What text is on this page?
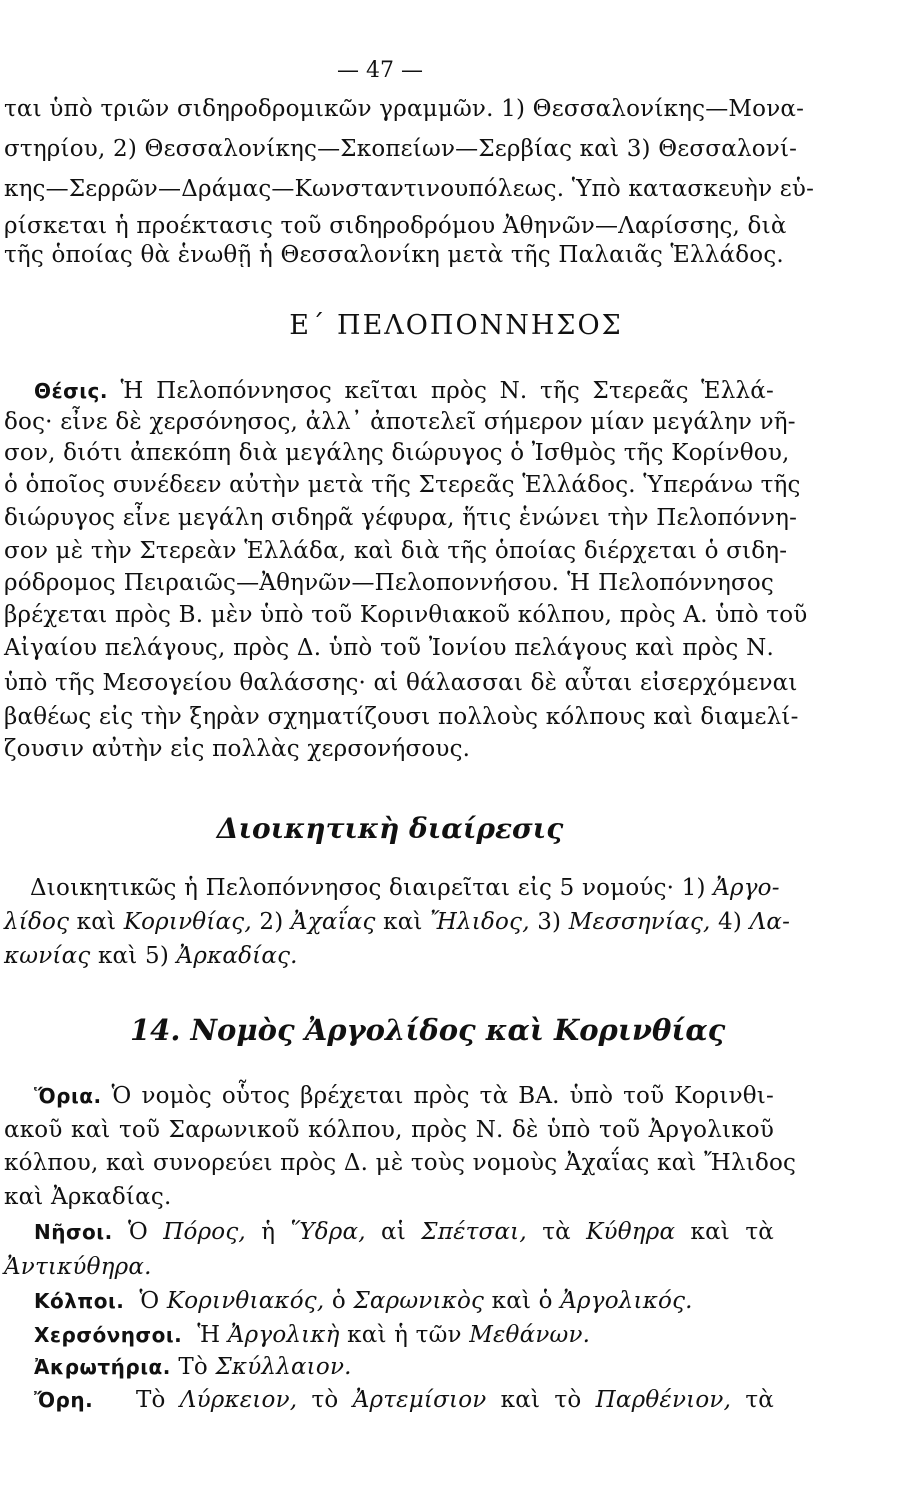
— 47 —
ται ὑπὸ τριῶν σιδηροδρομικῶν γραμμῶν. 1) Θεσσαλονίκης—Μονα-
στηρίου, 2) Θεσσαλονίκης—Σκοπείων—Σερβίας καὶ 3) Θεσσαλονί-
κης—Σερρῶν—Δράμας—Κωνσταντινουπόλεως. Ὑπὸ κατασκευὴν εὑ-
ρίσκεται ἡ προέκτασις τοῦ σιδηροδρόμου Ἀθηνῶν—Λαρίσσης, διὰ
τῆς ὁποίας θὰ ἑνωθῇ ἡ Θεσσαλονίκη μετὰ τῆς Παλαιᾶς Ἑλλάδος.
Ε΄ ΠΕΛΟΠΟΝΝΗΣΟΣ
Θέσις. Ἡ Πελοπόννησος κεῖται πρὸς Ν. τῆς Στερεᾶς Ἑλλά-
δος· εἶνε δὲ χερσόνησος, ἀλλ᾽ ἀποτελεῖ σήμερον μίαν μεγάλην νῆ-
σον, διότι ἀπεκόπη διὰ μεγάλης διώρυγος ὁ Ἰσθμὸς τῆς Κορίνθου,
ὁ ὁποῖος συνέδεεν αὐτὴν μετὰ τῆς Στερεᾶς Ἑλλάδος. Ὑπεράνω τῆς
διώρυγος εἶνε μεγάλη σιδηρᾶ γέφυρα, ἥτις ἑνώνει τὴν Πελοπόννη-
σον μὲ τὴν Στερεὰν Ἑλλάδα, καὶ διὰ τῆς ὁποίας διέρχεται ὁ σιδη-
ρόδρομος Πειραιῶς—Ἀθηνῶν—Πελοποννήσου. Ἡ Πελοπόννησος
βρέχεται πρὸς Β. μὲν ὑπὸ τοῦ Κορινθιακοῦ κόλπου, πρὸς Α. ὑπὸ τοῦ
Αἰγαίου πελάγους, πρὸς Δ. ὑπὸ τοῦ Ἰονίου πελάγους καὶ πρὸς Ν.
ὑπὸ τῆς Μεσογείου θαλάσσης· αἱ θάλασσαι δὲ αὗται εἰσερχόμεναι
βαθέως εἰς τὴν ξηρὰν σχηματίζουσι πολλοὺς κόλπους καὶ διαμελί-
ζουσιν αὐτὴν εἰς πολλὰς χερσονήσους.
Διοικητικὴ διαίρεσις
Διοικητικῶς ἡ Πελοπόννησος διαιρεῖται εἰς 5 νομούς· 1) Ἀργο-
λίδος καὶ Κορινθίας, 2) Ἀχαΐας καὶ Ἤλιδος, 3) Μεσσηνίας, 4) Λα-
κωνίας καὶ 5) Ἀρκαδίας.
14. Νομὸς Ἀργολίδος καὶ Κορινθίας
Ὅρια. Ὁ νομὸς οὗτος βρέχεται πρὸς τὰ ΒΑ. ὑπὸ τοῦ Κορινθι-
ακοῦ καὶ τοῦ Σαρωνικοῦ κόλπου, πρὸς Ν. δὲ ὑπὸ τοῦ Ἀργολικοῦ
κόλπου, καὶ συνορεύει πρὸς Δ. μὲ τοὺς νομοὺς Ἀχαΐας καὶ Ἤλιδος
καὶ Ἀρκαδίας.
Νῆσοι. Ὁ Πόρος, ἡ Ὕδρα, αἱ Σπέτσαι, τὰ Κύθηρα καὶ τὰ
Ἀντικύθηρα.
Κόλποι. Ὁ Κορινθιακός, ὁ Σαρωνικὸς καὶ ὁ Ἀργολικός.
Χερσόνησοι. Ἡ Ἀργολικὴ καὶ ἡ τῶν Μεθάνων.
Ἀκρωτήρια. Τὸ Σκύλλαιον.
Ὄρη. Τὸ Λύρκειον, τὸ Ἀρτεμίσιον καὶ τὸ Παρθένιον, τὰ
